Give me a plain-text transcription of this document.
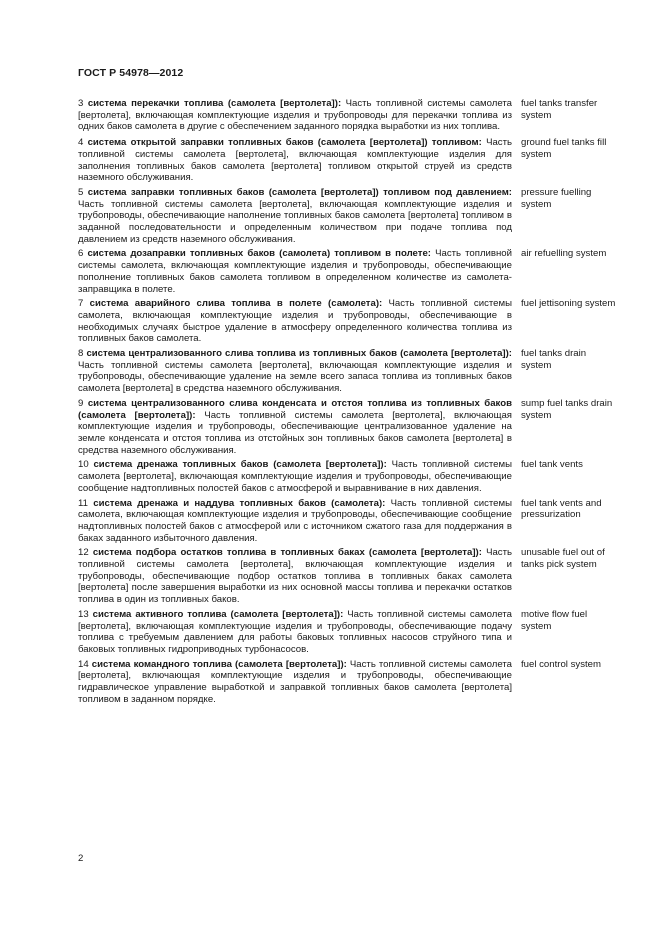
ГОСТ Р 54978—2012
3 система перекачки топлива (самолета [вертолета]): Часть топливной системы самолета [вертолета], включающая комплектующие изделия и трубопроводы для перекачки топлива из одних баков самолета в другие с обеспечением заданного порядка выработки из них топлива.
fuel tanks transfer system
4 система открытой заправки топливных баков (самолета [вертолета]) топливом: Часть топливной системы самолета [вертолета], включающая комплектующие изделия для заполнения топливных баков самолета [вертолета] топливом открытой струей из средств наземного обслуживания.
ground fuel tanks fill system
5 система заправки топливных баков (самолета [вертолета]) топливом под давлением: Часть топливной системы самолета [вертолета], включающая комплектующие изделия и трубопроводы, обеспечивающие наполнение топливных баков самолета [вертолета] топливом в заданной последовательности и определенным количеством при подаче топлива под давлением из средств наземного обслуживания.
pressure fuelling system
6 система дозаправки топливных баков (самолета) топливом в полете: Часть топливной системы самолета, включающая комплектующие изделия и трубопроводы, обеспечивающие пополнение топливных баков самолета топливом в определенном количестве из самолета-заправщика в полете.
air refuelling system
7 система аварийного слива топлива в полете (самолета): Часть топливной системы самолета, включающая комплектующие изделия и трубопроводы, обеспечивающие в необходимых случаях быстрое удаление в атмосферу определенного количества топлива из топливных баков самолета.
fuel jettisoning system
8 система централизованного слива топлива из топливных баков (самолета [вертолета]): Часть топливной системы самолета [вертолета], включающая комплектующие изделия и трубопроводы, обеспечивающие удаление на земле всего запаса топлива из топливных баков самолета [вертолета] в средства наземного обслуживания.
fuel tanks drain system
9 система централизованного слива конденсата и отстоя топлива из топливных баков (самолета [вертолета]): Часть топливной системы самолета [вертолета], включающая комплектующие изделия и трубопроводы, обеспечивающие централизованное удаление на земле конденсата и отстоя топлива из отстойных зон топливных баков самолета [вертолета] в средства наземного обслуживания.
sump fuel tanks drain system
10 система дренажа топливных баков (самолета [вертолета]): Часть топливной системы самолета [вертолета], включающая комплектующие изделия и трубопроводы, обеспечивающие сообщение надтопливных полостей баков с атмосферой и выравнивание в них давления.
fuel tank vents
11 система дренажа и наддува топливных баков (самолета): Часть топливной системы самолета, включающая комплектующие изделия и трубопроводы, обеспечивающие сообщение надтопливных полостей баков с атмосферой или с источником сжатого газа для поддержания в баках заданного избыточного давления.
fuel tank vents and pressurization
12 система подбора остатков топлива в топливных баках (самолета [вертолета]): Часть топливной системы самолета [вертолета], включающая комплектующие изделия и трубопроводы, обеспечивающие подбор остатков топлива в топливных баках самолета [вертолета] после завершения выработки из них основной массы топлива и перекачки остатков топлива в один из топливных баков.
unusable fuel out of tanks pick system
13 система активного топлива (самолета [вертолета]): Часть топливной системы самолета [вертолета], включающая комплектующие изделия и трубопроводы, обеспечивающие подачу топлива с требуемым давлением для работы баковых топливных насосов струйного типа и баковых топливных гидроприводных турбонасосов.
motive flow fuel system
14 система командного топлива (самолета [вертолета]): Часть топливной системы самолета [вертолета], включающая комплектующие изделия и трубопроводы, обеспечивающие гидравлическое управление выработкой и заправкой топливных баков самолета [вертолета] топливом в заданном порядке.
fuel control system
2
